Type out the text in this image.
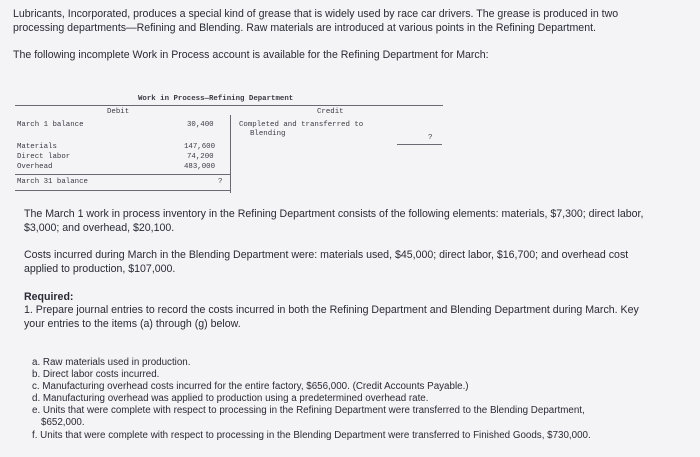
Lubricants, Incorporated, produces a special kind of grease that is widely used by race car drivers. The grease is produced in two

processing departments—Refining and Blending. Raw materials are introduced at various points in the Refining Department.

The following incomplete Work in Process account is available for the Refining Department for March:

Work in Process—Refining Department
Debit	Credit
March 1 balance	30,400	Completed and transferred to
Blending	?
Materials	147,600
Direct labor	74,200
Overhead	483,000
March 31 balance	?

The March 1 work in process inventory in the Refining Department consists of the following elements: materials, $7,300; direct labor,

$3,000; and overhead, $20,100.

Costs incurred during March in the Blending Department were: materials used, $45,000; direct labor, $16,700; and overhead cost

applied to production, $107,000.

Required:

1. Prepare journal entries to record the costs incurred in both the Refining Department and Blending Department during March. Key

your entries to the items (a) through (g) below.

a. Raw materials used in production.

b. Direct labor costs incurred.

c. Manufacturing overhead costs incurred for the entire factory, $656,000. (Credit Accounts Payable.)

d. Manufacturing overhead was applied to production using a predetermined overhead rate.

e. Units that were complete with respect to processing in the Refining Department were transferred to the Blending Department,

$652,000.

f. Units that were complete with respect to processing in the Blending Department were transferred to Finished Goods, $730,000.
